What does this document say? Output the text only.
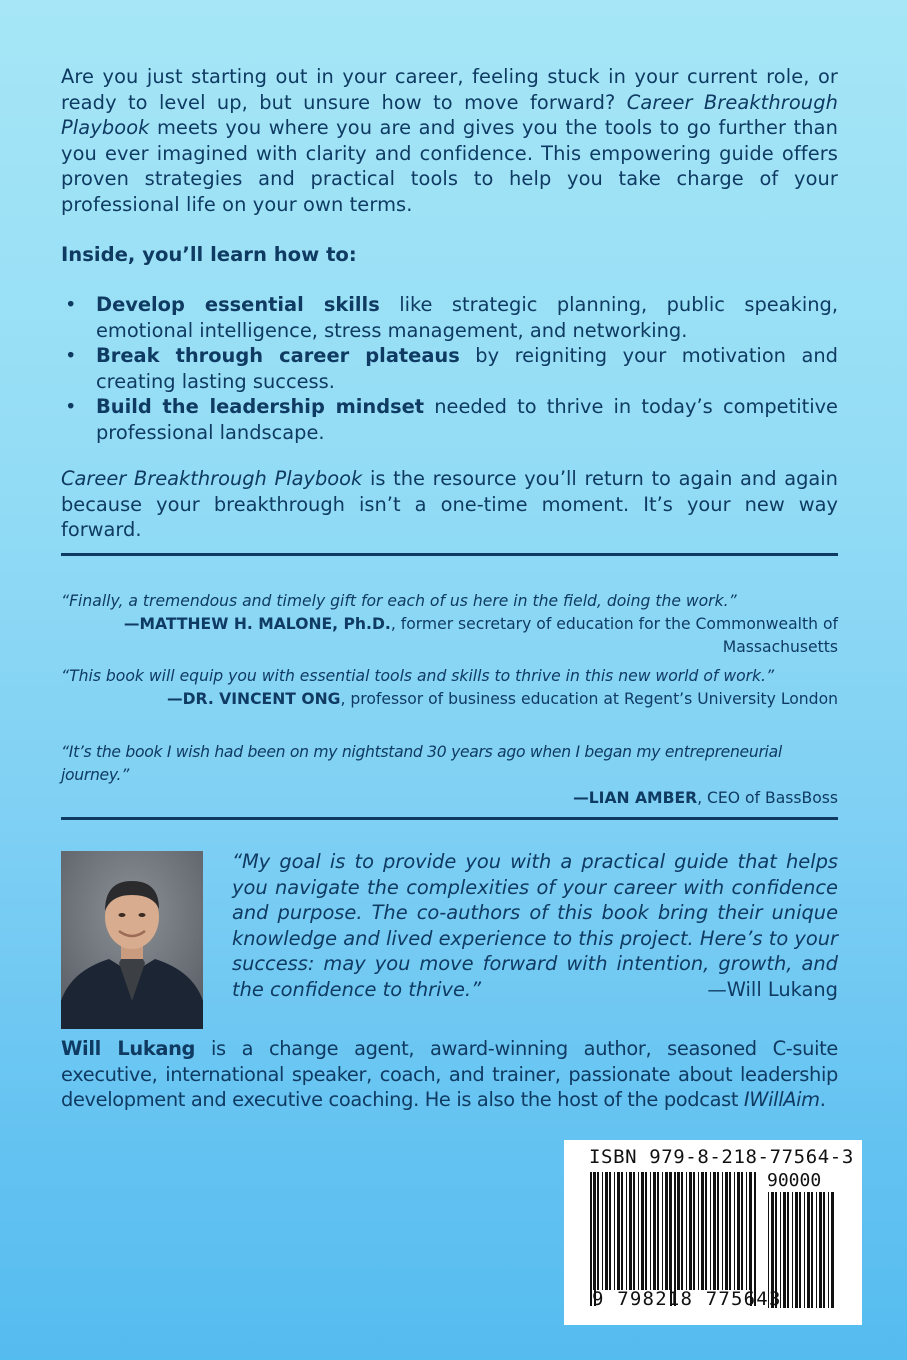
Are you just starting out in your career, feeling stuck in your current role, or ready to level up, but unsure how to move forward? Career Breakthrough Playbook meets you where you are and gives you the tools to go further than you ever imagined with clarity and confidence. This empowering guide offers proven strategies and practical tools to help you take charge of your professional life on your own terms.

Inside, you’ll learn how to:
• Develop essential skills like strategic planning, public speaking, emotional intelligence, stress management, and networking.
• Break through career plateaus by reigniting your motivation and creating lasting success.
• Build the leadership mindset needed to thrive in today’s competitive professional landscape.

Career Breakthrough Playbook is the resource you’ll return to again and again because your breakthrough isn’t a one-time moment. It’s your new way forward.

“Finally, a tremendous and timely gift for each of us here in the field, doing the work.”
—MATTHEW H. MALONE, Ph.D., former secretary of education for the Commonwealth of Massachusetts
“This book will equip you with essential tools and skills to thrive in this new world of work.”
—DR. VINCENT ONG, professor of business education at Regent’s University London
“It’s the book I wish had been on my nightstand 30 years ago when I began my entrepreneurial journey.”
—LIAN AMBER, CEO of BassBoss

“My goal is to provide you with a practical guide that helps you navigate the complexities of your career with confidence and purpose. The co-authors of this book bring their unique knowledge and lived experience to this project. Here’s to your success: may you move forward with intention, growth, and the confidence to thrive.”	—Will Lukang

Will Lukang is a change agent, award-winning author, seasoned C-suite executive, international speaker, coach, and trainer, passionate about leadership development and executive coaching. He is also the host of the podcast IWillAim.

ISBN 979-8-218-77564-3
90000
9 798218 775643
